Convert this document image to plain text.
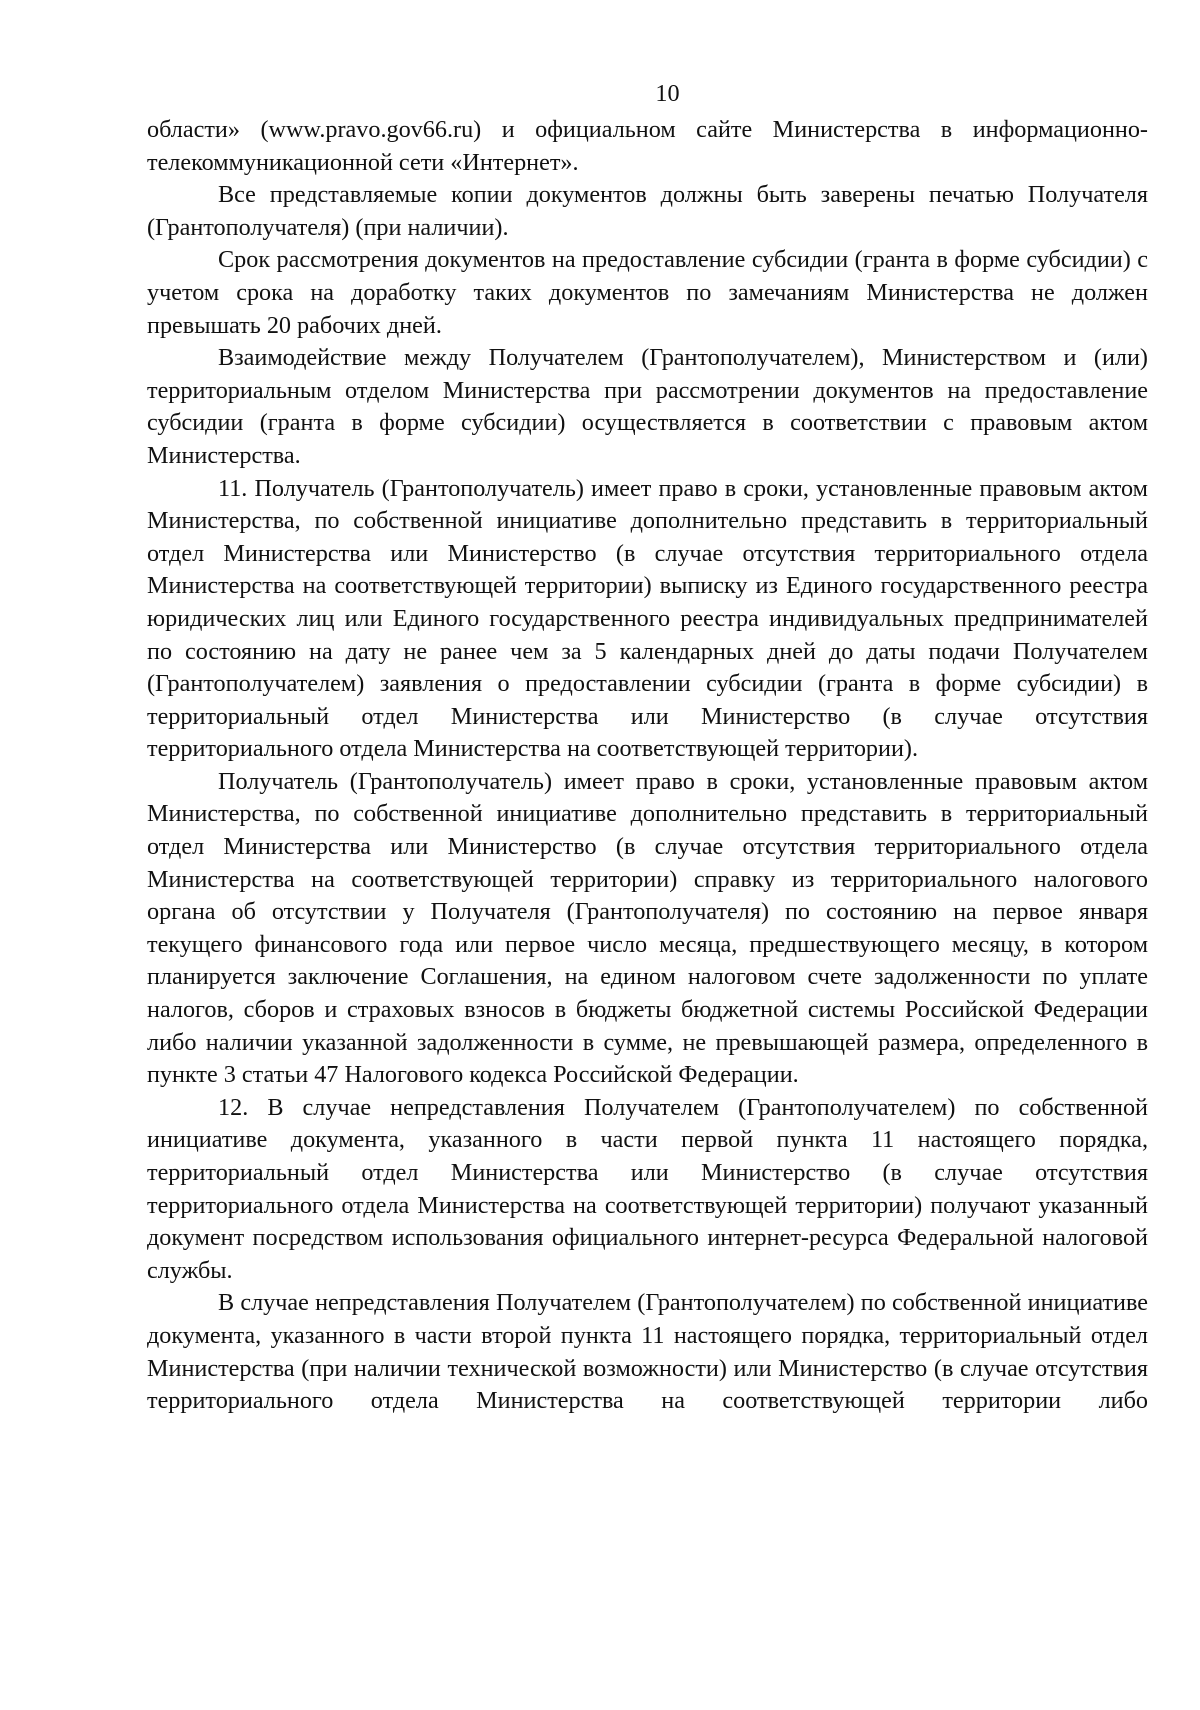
10

области» (www.pravo.gov66.ru) и официальном сайте Министерства в информационно-телекоммуникационной сети «Интернет».

Все представляемые копии документов должны быть заверены печатью Получателя (Грантополучателя) (при наличии).

Срок рассмотрения документов на предоставление субсидии (гранта в форме субсидии) с учетом срока на доработку таких документов по замечаниям Министерства не должен превышать 20 рабочих дней.

Взаимодействие между Получателем (Грантополучателем), Министерством и (или) территориальным отделом Министерства при рассмотрении документов на предоставление субсидии (гранта в форме субсидии) осуществляется в соответствии с правовым актом Министерства.

11. Получатель (Грантополучатель) имеет право в сроки, установленные правовым актом Министерства, по собственной инициативе дополнительно представить в территориальный отдел Министерства или Министерство (в случае отсутствия территориального отдела Министерства на соответствующей территории) выписку из Единого государственного реестра юридических лиц или Единого государственного реестра индивидуальных предпринимателей по состоянию на дату не ранее чем за 5 календарных дней до даты подачи Получателем (Грантополучателем) заявления о предоставлении субсидии (гранта в форме субсидии) в территориальный отдел Министерства или Министерство (в случае отсутствия территориального отдела Министерства на соответствующей территории).

Получатель (Грантополучатель) имеет право в сроки, установленные правовым актом Министерства, по собственной инициативе дополнительно представить в территориальный отдел Министерства или Министерство (в случае отсутствия территориального отдела Министерства на соответствующей территории) справку из территориального налогового органа об отсутствии у Получателя (Грантополучателя) по состоянию на первое января текущего финансового года или первое число месяца, предшествующего месяцу, в котором планируется заключение Соглашения, на едином налоговом счете задолженности по уплате налогов, сборов и страховых взносов в бюджеты бюджетной системы Российской Федерации либо наличии указанной задолженности в сумме, не превышающей размера, определенного в пункте 3 статьи 47 Налогового кодекса Российской Федерации.

12. В случае непредставления Получателем (Грантополучателем) по собственной инициативе документа, указанного в части первой пункта 11 настоящего порядка, территориальный отдел Министерства или Министерство (в случае отсутствия территориального отдела Министерства на соответствующей территории) получают указанный документ посредством использования официального интернет-ресурса Федеральной налоговой службы.

В случае непредставления Получателем (Грантополучателем) по собственной инициативе документа, указанного в части второй пункта 11 настоящего порядка, территориальный отдел Министерства (при наличии технической возможности) или Министерство (в случае отсутствия территориального отдела Министерства на соответствующей территории либо
